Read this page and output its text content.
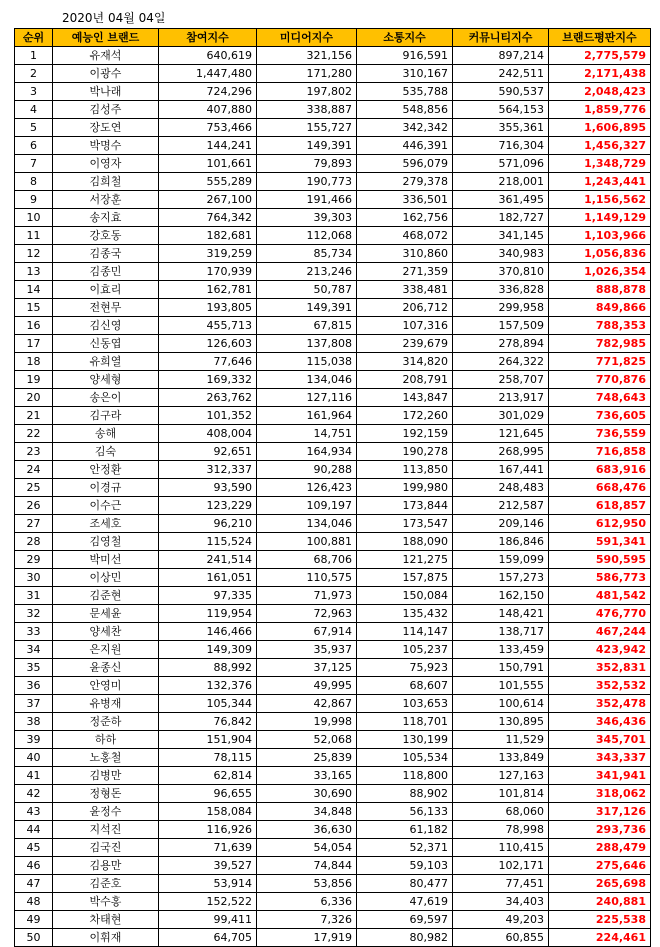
2020년 04월 04일
순위	예능인 브랜드	참여지수	미디어지수	소통지수	커뮤니티지수	브랜드평판지수
1	유재석	640,619	321,156	916,591	897,214	2,775,579
2	이광수	1,447,480	171,280	310,167	242,511	2,171,438
3	박나래	724,296	197,802	535,788	590,537	2,048,423
4	김성주	407,880	338,887	548,856	564,153	1,859,776
5	장도연	753,466	155,727	342,342	355,361	1,606,895
6	박명수	144,241	149,391	446,391	716,304	1,456,327
7	이영자	101,661	79,893	596,079	571,096	1,348,729
8	김희철	555,289	190,773	279,378	218,001	1,243,441
9	서장훈	267,100	191,466	336,501	361,495	1,156,562
10	송지효	764,342	39,303	162,756	182,727	1,149,129
11	강호동	182,681	112,068	468,072	341,145	1,103,966
12	김종국	319,259	85,734	310,860	340,983	1,056,836
13	김종민	170,939	213,246	271,359	370,810	1,026,354
14	이효리	162,781	50,787	338,481	336,828	888,878
15	전현무	193,805	149,391	206,712	299,958	849,866
16	김신영	455,713	67,815	107,316	157,509	788,353
17	신동엽	126,603	137,808	239,679	278,894	782,985
18	유희열	77,646	115,038	314,820	264,322	771,825
19	양세형	169,332	134,046	208,791	258,707	770,876
20	송은이	263,762	127,116	143,847	213,917	748,643
21	김구라	101,352	161,964	172,260	301,029	736,605
22	송해	408,004	14,751	192,159	121,645	736,559
23	김숙	92,651	164,934	190,278	268,995	716,858
24	안정환	312,337	90,288	113,850	167,441	683,916
25	이경규	93,590	126,423	199,980	248,483	668,476
26	이수근	123,229	109,197	173,844	212,587	618,857
27	조세호	96,210	134,046	173,547	209,146	612,950
28	김영철	115,524	100,881	188,090	186,846	591,341
29	박미선	241,514	68,706	121,275	159,099	590,595
30	이상민	161,051	110,575	157,875	157,273	586,773
31	김준현	97,335	71,973	150,084	162,150	481,542
32	문세윤	119,954	72,963	135,432	148,421	476,770
33	양세찬	146,466	67,914	114,147	138,717	467,244
34	은지원	149,309	35,937	105,237	133,459	423,942
35	윤종신	88,992	37,125	75,923	150,791	352,831
36	안영미	132,376	49,995	68,607	101,555	352,532
37	유병재	105,344	42,867	103,653	100,614	352,478
38	정준하	76,842	19,998	118,701	130,895	346,436
39	하하	151,904	52,068	130,199	11,529	345,701
40	노홍철	78,115	25,839	105,534	133,849	343,337
41	김병만	62,814	33,165	118,800	127,163	341,941
42	정형돈	96,655	30,690	88,902	101,814	318,062
43	윤정수	158,084	34,848	56,133	68,060	317,126
44	지석진	116,926	36,630	61,182	78,998	293,736
45	김국진	71,639	54,054	52,371	110,415	288,479
46	김용만	39,527	74,844	59,103	102,171	275,646
47	김준호	53,914	53,856	80,477	77,451	265,698
48	박수홍	152,522	6,336	47,619	34,403	240,881
49	차태현	99,411	7,326	69,597	49,203	225,538
50	이휘재	64,705	17,919	80,982	60,855	224,461
